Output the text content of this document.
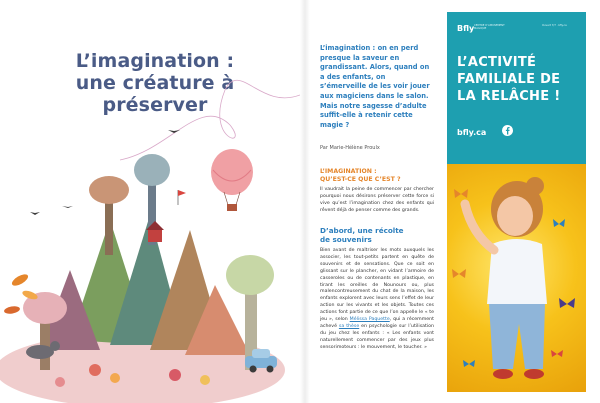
L’imagination :
une créature à
préserver

L’imagination : on en perd presque la saveur en grandissant. Alors, quand on a des enfants, on s’émerveille de les voir jouer aux magiciens dans le salon. Mais notre sagesse d’adulte suffit-elle à retenir cette magie ?

Par Marie-Hélène Proulx

L’IMAGINATION :
QU’EST-CE QUE C’EST ?

Il vaudrait la peine de commencer par chercher pourquoi nous désirons préserver cette force si vive qu’est l’imagination chez des enfants qui rêvent déjà de penser comme des grands.

D’abord, une récolte
de souvenirs

Bien avant de maîtriser les mots auxquels les associer, les tout-petits partent en quête de souvenirs et de sensations. Que ce soit en glissant sur le plancher, en vidant l’armoire de casseroles ou de contenants en plastique, en tirant les oreilles de Nounours ou, plus malencontreusement du chat de la maison, les enfants explorent avec leurs sens l’effet de leur action sur les vivants et les objets. Toutes ces actions font partie de ce que l’on appelle le « te jeu », selon Mélissa Paquette, qui a récemment achevé sa thèse en psychologie sur l’utilisation du jeu chez les enfants : « Les enfants vont naturellement commencer par des jeux plus sensorimoteurs : le mouvement, le toucher. »

Bfly CENTRE D’AMUSEMENT MAGIQUE

Ouvert 7/7 · bfly.ca

L’ACTIVITÉ
FAMILIALE DE
LA RELÂCHE !

bfly.ca
